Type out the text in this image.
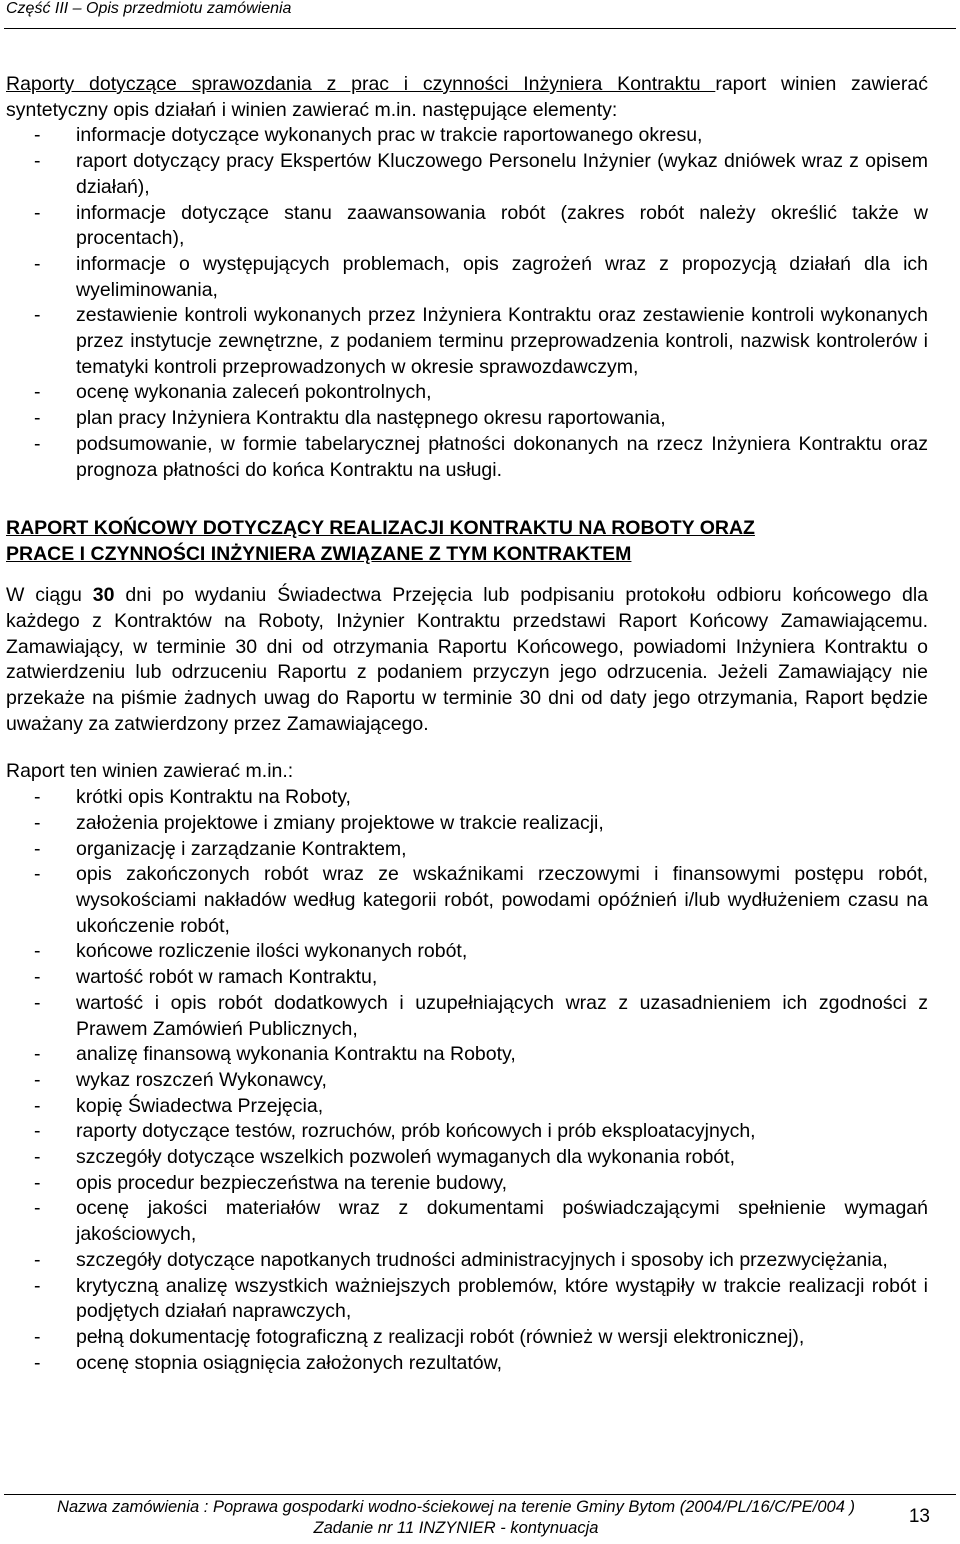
Część III – Opis przedmiotu zamówienia

Raporty dotyczące sprawozdania z prac i czynności Inżyniera Kontraktu raport winien zawierać syntetyczny opis działań i winien zawierać m.in. następujące elementy:

- informacje dotyczące wykonanych prac w trakcie raportowanego okresu,
- raport dotyczący pracy Ekspertów Kluczowego Personelu Inżynier (wykaz dniówek wraz z opisem działań),
- informacje dotyczące stanu zaawansowania robót (zakres robót należy określić także w procentach),
- informacje o występujących problemach, opis zagrożeń wraz z propozycją działań dla ich wyeliminowania,
- zestawienie kontroli wykonanych przez Inżyniera Kontraktu oraz zestawienie kontroli wykonanych przez instytucje zewnętrzne, z podaniem terminu przeprowadzenia kontroli, nazwisk kontrolerów i tematyki kontroli przeprowadzonych w okresie sprawozdawczym,
- ocenę wykonania zaleceń pokontrolnych,
- plan pracy Inżyniera Kontraktu dla następnego okresu raportowania,
- podsumowanie, w formie tabelarycznej płatności dokonanych na rzecz Inżyniera Kontraktu oraz prognoza płatności do końca Kontraktu na usługi.
RAPORT KOŃCOWY DOTYCZĄCY REALIZACJI KONTRAKTU NA ROBOTY ORAZ
PRACE I CZYNNOŚCI INŻYNIERA ZWIĄZANE Z TYM KONTRAKTEM

W ciągu 30 dni po wydaniu Świadectwa Przejęcia lub podpisaniu protokołu odbioru końcowego dla każdego z Kontraktów na Roboty, Inżynier Kontraktu przedstawi Raport Końcowy Zamawiającemu. Zamawiający, w terminie 30 dni od otrzymania Raportu Końcowego, powiadomi Inżyniera Kontraktu o zatwierdzeniu lub odrzuceniu Raportu z podaniem przyczyn jego odrzucenia. Jeżeli Zamawiający nie przekaże na piśmie żadnych uwag do Raportu w terminie 30 dni od daty jego otrzymania, Raport będzie uważany za zatwierdzony przez Zamawiającego.

Raport ten winien zawierać m.in.:

- krótki opis Kontraktu na Roboty,
- założenia projektowe i zmiany projektowe w trakcie realizacji,
- organizację i zarządzanie Kontraktem,
- opis zakończonych robót wraz ze wskaźnikami rzeczowymi i finansowymi postępu robót, wysokościami nakładów według kategorii robót, powodami opóźnień i/lub wydłużeniem czasu na ukończenie robót,
- końcowe rozliczenie ilości wykonanych robót,
- wartość robót w ramach Kontraktu,
- wartość i opis robót dodatkowych i uzupełniających wraz z uzasadnieniem ich zgodności z Prawem Zamówień Publicznych,
- analizę finansową wykonania Kontraktu na Roboty,
- wykaz roszczeń Wykonawcy,
- kopię Świadectwa Przejęcia,
- raporty dotyczące testów, rozruchów, prób końcowych i prób eksploatacyjnych,
- szczegóły dotyczące wszelkich pozwoleń wymaganych dla wykonania robót,
- opis procedur bezpieczeństwa na terenie budowy,
- ocenę jakości materiałów wraz z dokumentami poświadczającymi spełnienie wymagań jakościowych,
- szczegóły dotyczące napotkanych trudności administracyjnych i sposoby ich przezwyciężania,
- krytyczną analizę wszystkich ważniejszych problemów, które wystąpiły w trakcie realizacji robót i podjętych działań naprawczych,
- pełną dokumentację fotograficzną z realizacji robót (również w wersji elektronicznej),
- ocenę stopnia osiągnięcia założonych rezultatów,
Nazwa zamówienia : Poprawa gospodarki wodno-ściekowej na terenie Gminy Bytom (2004/PL/16/C/PE/004 )
Zadanie nr 11 INZYNIER - kontynuacja
13
